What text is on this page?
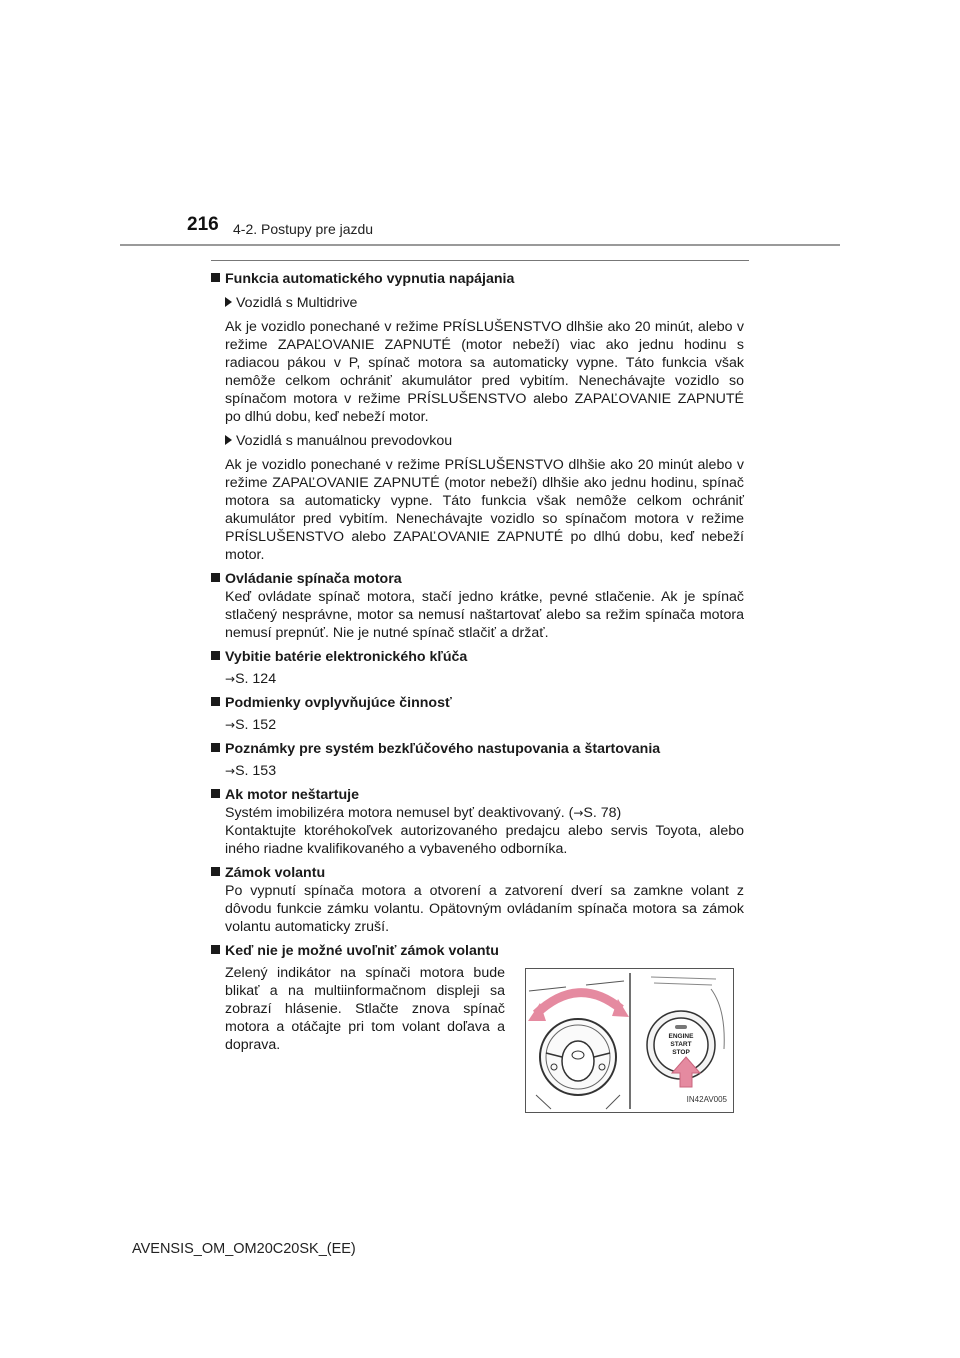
216 4-2. Postupy pre jazdu
Funkcia automatického vypnutia napájania
Vozidlá s Multidrive
Ak je vozidlo ponechané v režime PRÍSLUŠENSTVO dlhšie ako 20 minút, alebo v režime ZAPAĽOVANIE ZAPNUTÉ (motor nebeží) viac ako jednu hodinu s radiacou pákou v P, spínač motora sa automaticky vypne. Táto funkcia však nemôže celkom ochrániť akumulátor pred vybitím. Nenechávajte vozidlo so spínačom motora v režime PRÍSLUŠENSTVO alebo ZAPAĽOVANIE ZAPNUTÉ po dlhú dobu, keď nebeží motor.
Vozidlá s manuálnou prevodovkou
Ak je vozidlo ponechané v režime PRÍSLUŠENSTVO dlhšie ako 20 minút alebo v režime ZAPAĽOVANIE ZAPNUTÉ (motor nebeží) dlhšie ako jednu hodinu, spínač motora sa automaticky vypne. Táto funkcia však nemôže celkom ochrániť akumulátor pred vybitím. Nenechávajte vozidlo so spínačom motora v režime PRÍSLUŠENSTVO alebo ZAPAĽOVANIE ZAPNUTÉ po dlhú dobu, keď nebeží motor.
Ovládanie spínača motora
Keď ovládate spínač motora, stačí jedno krátke, pevné stlačenie. Ak je spínač stlačený nesprávne, motor sa nemusí naštartovať alebo sa režim spínača motora nemusí prepnúť. Nie je nutné spínač stlačiť a držať.
Vybitie batérie elektronického kľúča
→S. 124
Podmienky ovplyvňujúce činnosť
→S. 152
Poznámky pre systém bezkľúčového nastupovania a štartovania
→S. 153
Ak motor neštartuje
Systém imobilizéra motora nemusel byť deaktivovaný. (→S. 78)
Kontaktujte ktoréhokoľvek autorizovaného predajcu alebo servis Toyota, alebo iného riadne kvalifikovaného a vybaveného odborníka.
Zámok volantu
Po vypnutí spínača motora a otvorení a zatvorení dverí sa zamkne volant z dôvodu funkcie zámku volantu. Opätovným ovládaním spínača motora sa zámok volantu automaticky zruší.
Keď nie je možné uvoľniť zámok volantu
Zelený indikátor na spínači motora bude blikať a na multiinformačnom displeji sa zobrazí hlásenie. Stlačte znova spínač motora a otáčajte pri tom volant doľava a doprava.
ENGINE
START
STOP
IN42AV005
AVENSIS_OM_OM20C20SK_(EE)
